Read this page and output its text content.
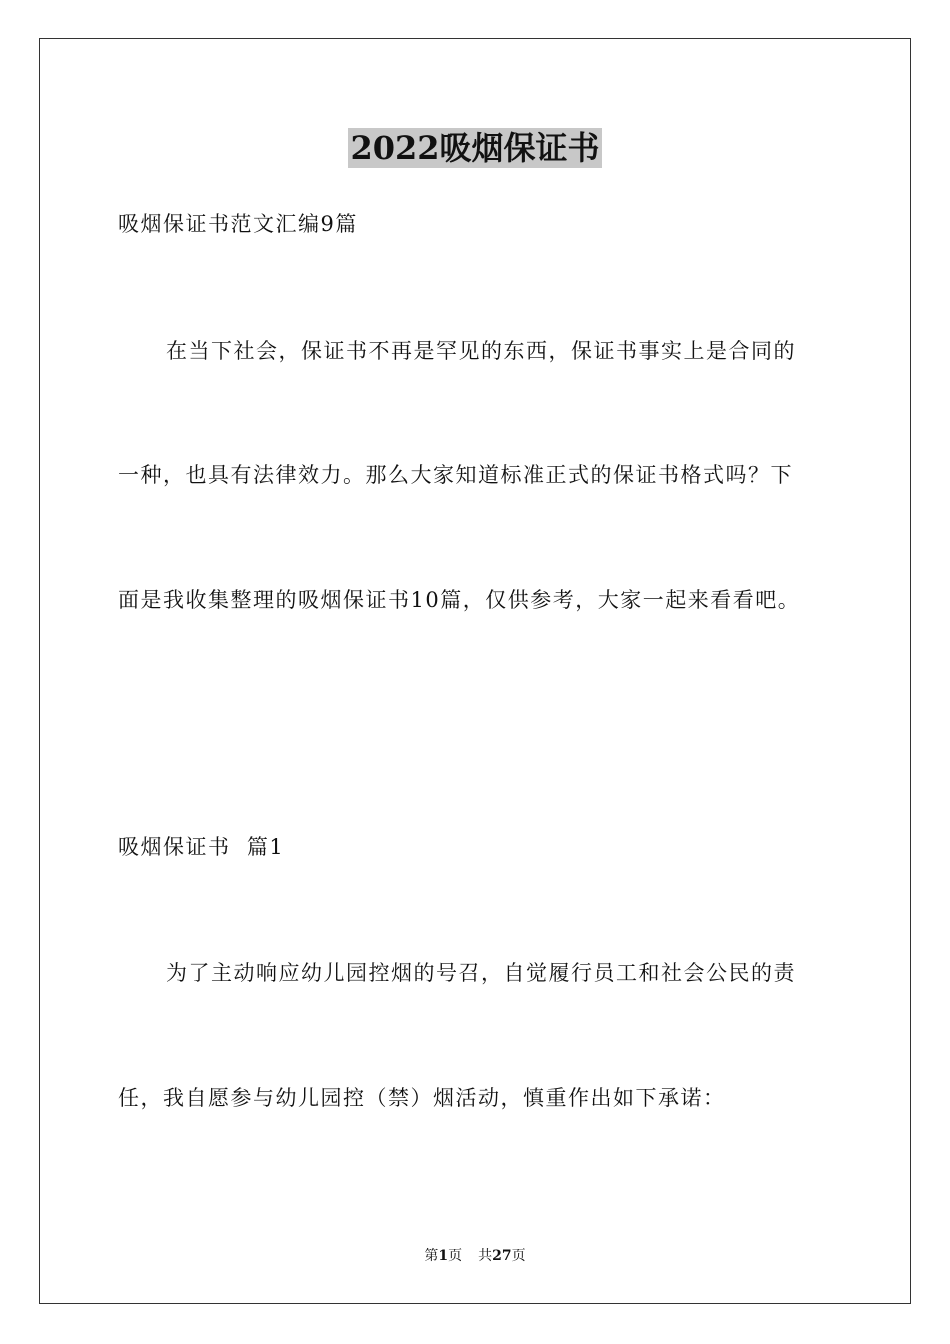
2022吸烟保证书
吸烟保证书范文汇编9篇
在当下社会，保证书不再是罕见的东西，保证书事实上是合同的
一种，也具有法律效力。那么大家知道标准正式的保证书格式吗？下
面是我收集整理的吸烟保证书10篇，仅供参考，大家一起来看看吧。
吸烟保证书  篇1
为了主动响应幼儿园控烟的号召，自觉履行员工和社会公民的责
任，我自愿参与幼儿园控（禁）烟活动，慎重作出如下承诺：
第1页 共27页
